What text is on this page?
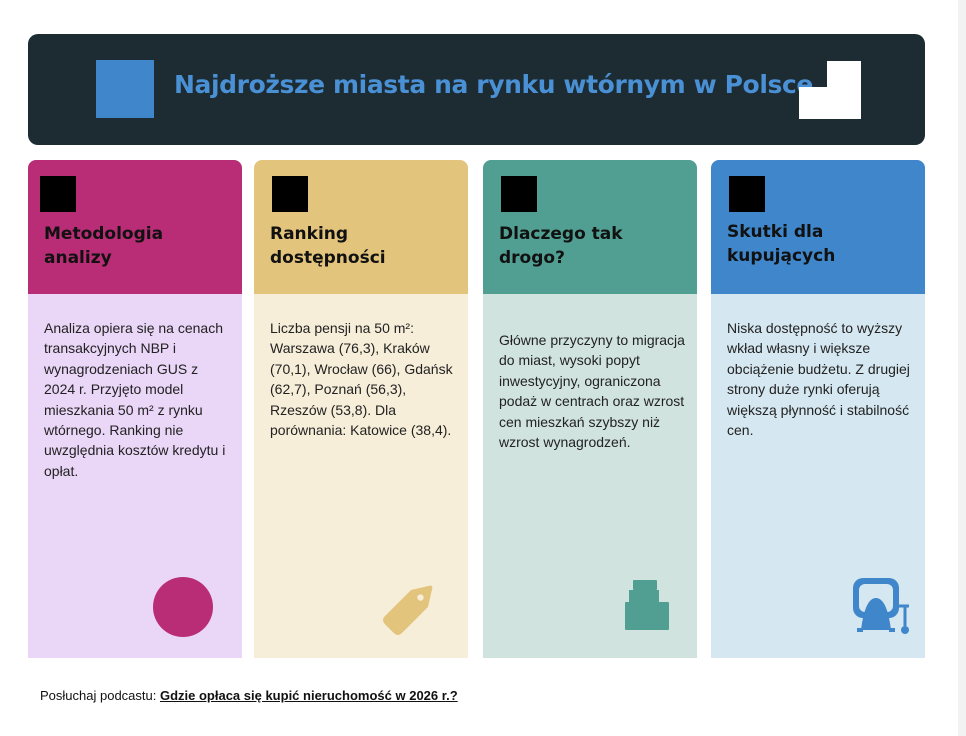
Najdroższe miasta na rynku wtórnym w Polsce
Metodologia
analizy

Analiza opiera się na cenach transakcyjnych NBP i wynagrodzeniach GUS z 2024 r. Przyjęto model mieszkania 50 m² z rynku wtórnego. Ranking nie uwzględnia kosztów kredytu i opłat.

Ranking
dostępności

Liczba pensji na 50 m²: Warszawa (76,3), Kraków (70,1), Wrocław (66), Gdańsk (62,7), Poznań (56,3), Rzeszów (53,8). Dla porównania: Katowice (38,4).

Dlaczego tak
drogo?

Główne przyczyny to migracja do miast, wysoki popyt inwestycyjny, ograniczona podaż w centrach oraz wzrost cen mieszkań szybszy niż wzrost wynagrodzeń.

Skutki dla
kupujących

Niska dostępność to wyższy wkład własny i większe obciążenie budżetu. Z drugiej strony duże rynki oferują większą płynność i stabilność cen.

Posłuchaj podcastu: Gdzie opłaca się kupić nieruchomość w 2026 r.?
